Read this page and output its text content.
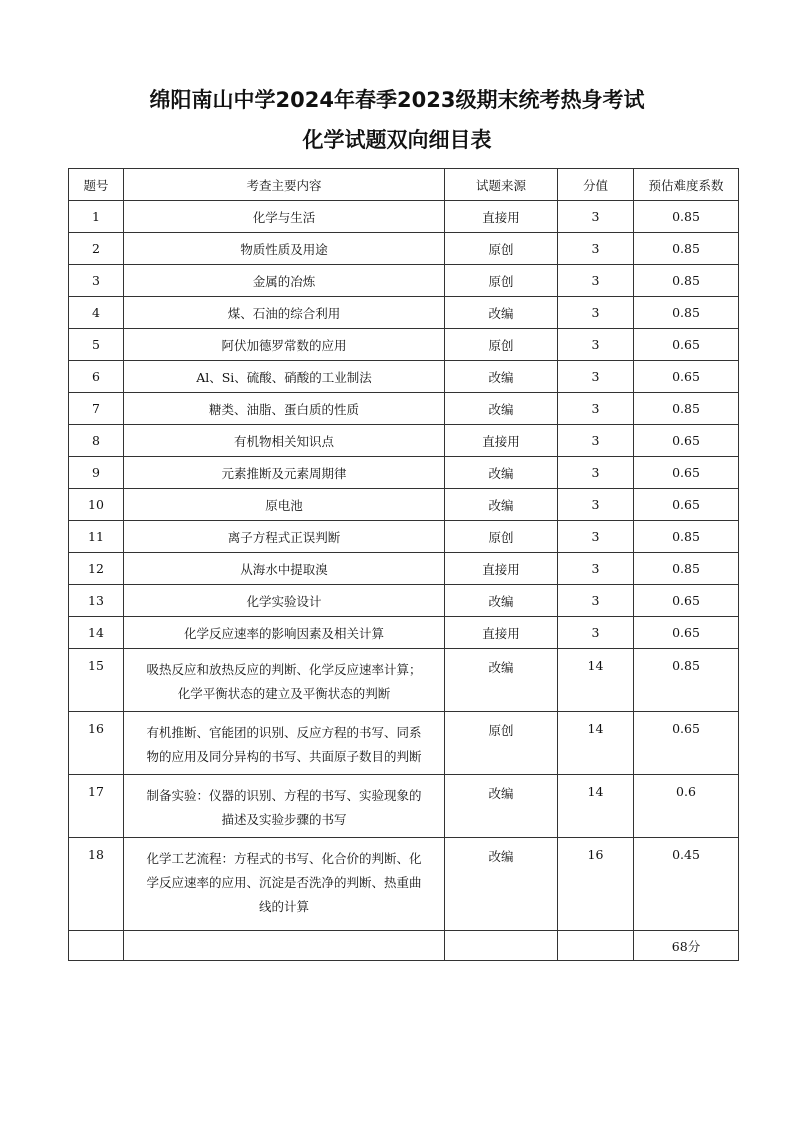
绵阳南山中学2024年春季2023级期末统考热身考试
化学试题双向细目表
题号	考查主要内容	试题来源	分值	预估难度系数
1	化学与生活	直接用	3	0.85
2	物质性质及用途	原创	3	0.85
3	金属的冶炼	原创	3	0.85
4	煤、石油的综合利用	改编	3	0.85
5	阿伏加德罗常数的应用	原创	3	0.65
6	Al、Si、硫酸、硝酸的工业制法	改编	3	0.65
7	糖类、油脂、蛋白质的性质	改编	3	0.85
8	有机物相关知识点	直接用	3	0.65
9	元素推断及元素周期律	改编	3	0.65
10	原电池	改编	3	0.65
11	离子方程式正误判断	原创	3	0.85
12	从海水中提取溴	直接用	3	0.85
13	化学实验设计	改编	3	0.65
14	化学反应速率的影响因素及相关计算	直接用	3	0.65
15	吸热反应和放热反应的判断、化学反应速率计算；
化学平衡状态的建立及平衡状态的判断	改编	14	0.85
16	有机推断、官能团的识别、反应方程的书写、同系
物的应用及同分异构的书写、共面原子数目的判断	原创	14	0.65
17	制备实验：仪器的识别、方程的书写、实验现象的
描述及实验步骤的书写	改编	14	0.6
18	化学工艺流程：方程式的书写、化合价的判断、化
学反应速率的应用、沉淀是否洗净的判断、热重曲
线的计算	改编	16	0.45
				68分
